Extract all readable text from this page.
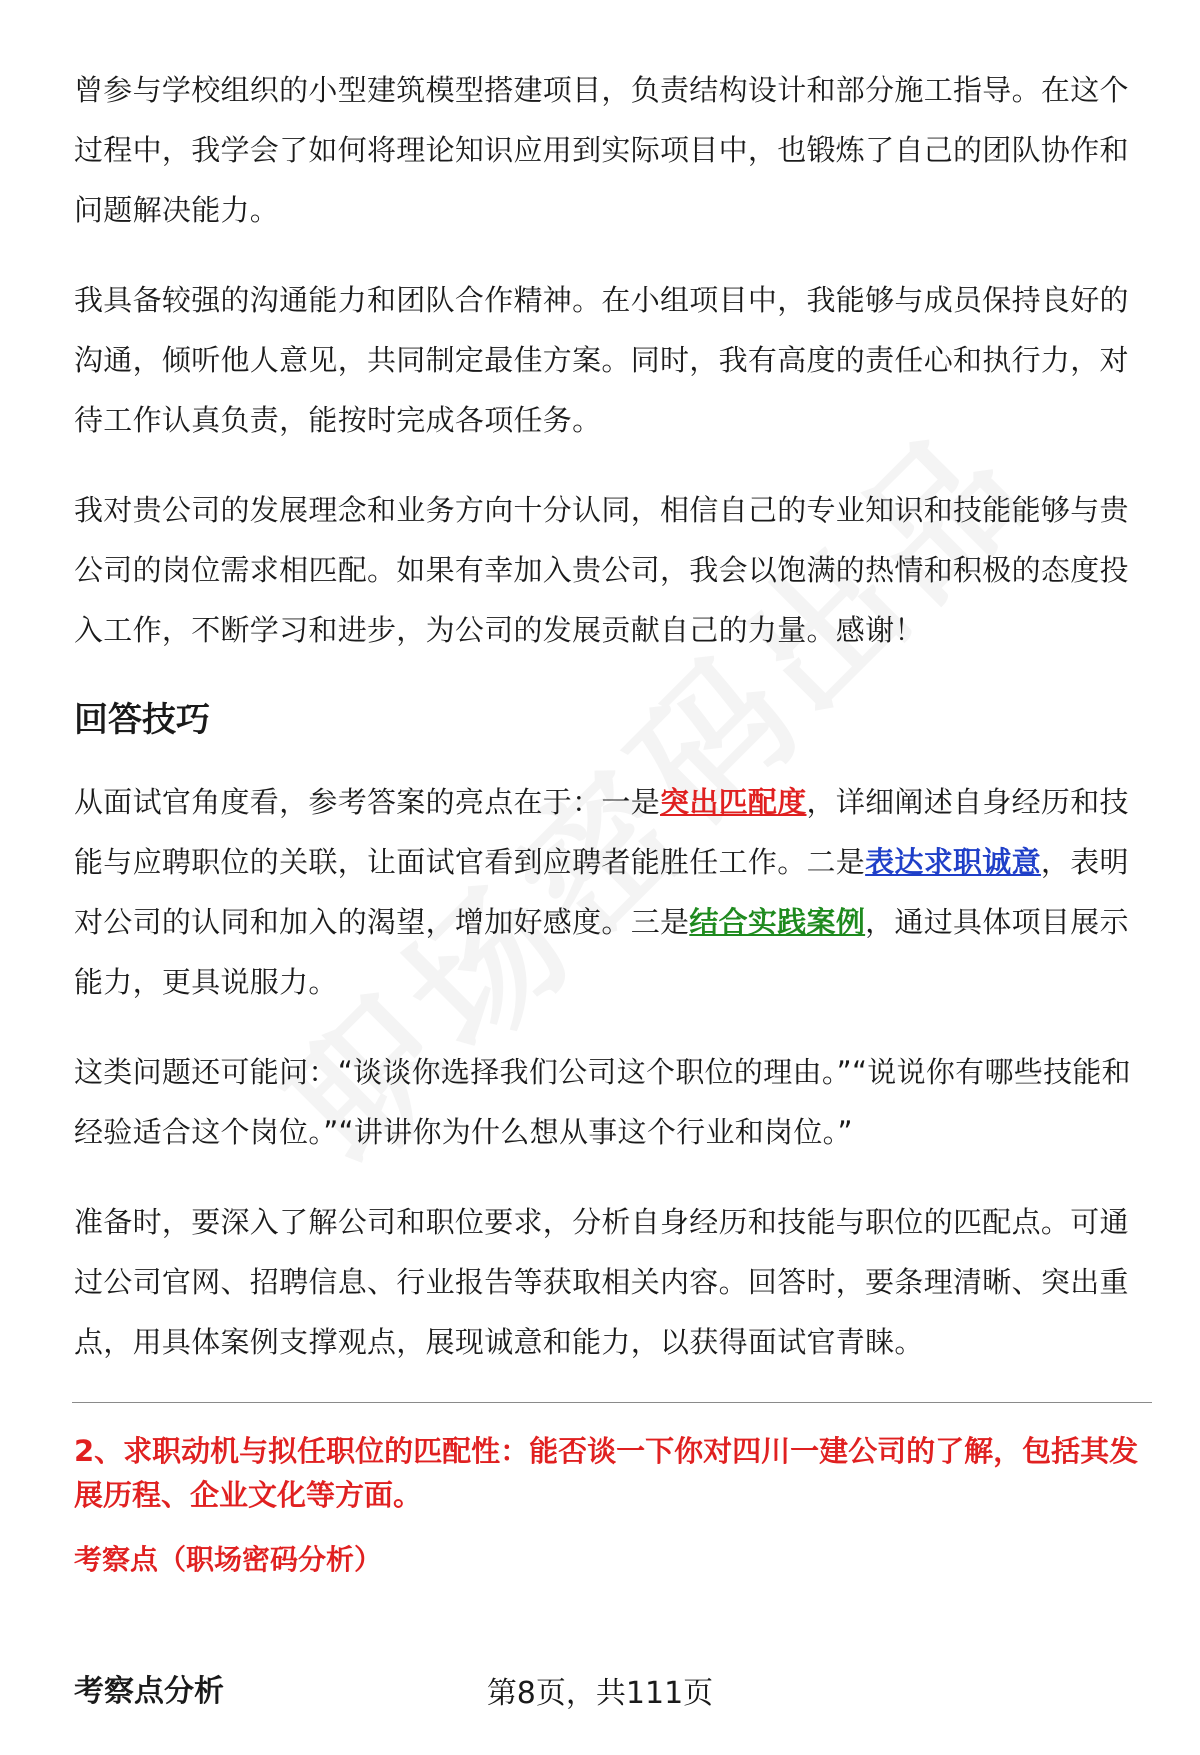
曾参与学校组织的小型建筑模型搭建项目，负责结构设计和部分施工指导。在这个过程中，我学会了如何将理论知识应用到实际项目中，也锻炼了自己的团队协作和问题解决能力。

我具备较强的沟通能力和团队合作精神。在小组项目中，我能够与成员保持良好的沟通，倾听他人意见，共同制定最佳方案。同时，我有高度的责任心和执行力，对待工作认真负责，能按时完成各项任务。

我对贵公司的发展理念和业务方向十分认同，相信自己的专业知识和技能能够与贵公司的岗位需求相匹配。如果有幸加入贵公司，我会以饱满的热情和积极的态度投入工作，不断学习和进步，为公司的发展贡献自己的力量。感谢！

回答技巧

从面试官角度看，参考答案的亮点在于：一是突出匹配度，详细阐述自身经历和技能与应聘职位的关联，让面试官看到应聘者能胜任工作。二是表达求职诚意，表明对公司的认同和加入的渴望，增加好感度。三是结合实践案例，通过具体项目展示能力，更具说服力。

这类问题还可能问：“谈谈你选择我们公司这个职位的理由。”“说说你有哪些技能和经验适合这个岗位。”“讲讲你为什么想从事这个行业和岗位。”

准备时，要深入了解公司和职位要求，分析自身经历和技能与职位的匹配点。可通过公司官网、招聘信息、行业报告等获取相关内容。回答时，要条理清晰、突出重点，用具体案例支撑观点，展现诚意和能力，以获得面试官青睐。

2、求职动机与拟任职位的匹配性：能否谈一下你对四川一建公司的了解，包括其发展历程、企业文化等方面。

考察点（职场密码分析）

考察点分析	第8页，共111页
